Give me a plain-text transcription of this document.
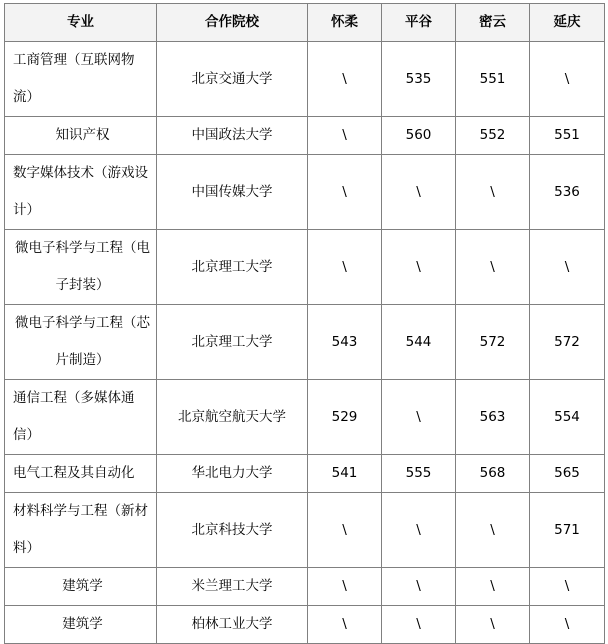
专业	合作院校	怀柔	平谷	密云	延庆
工商管理（互联网物流）	北京交通大学	\	535	551	\
知识产权	中国政法大学	\	560	552	551
数字媒体技术（游戏设计）	中国传媒大学	\	\	\	536
微电子科学与工程（电子封装）	北京理工大学	\	\	\	\
微电子科学与工程（芯片制造）	北京理工大学	543	544	572	572
通信工程（多媒体通信）	北京航空航天大学	529	\	563	554
电气工程及其自动化	华北电力大学	541	555	568	565
材料科学与工程（新材料）	北京科技大学	\	\	\	571
建筑学	米兰理工大学	\	\	\	\
建筑学	柏林工业大学	\	\	\	\
